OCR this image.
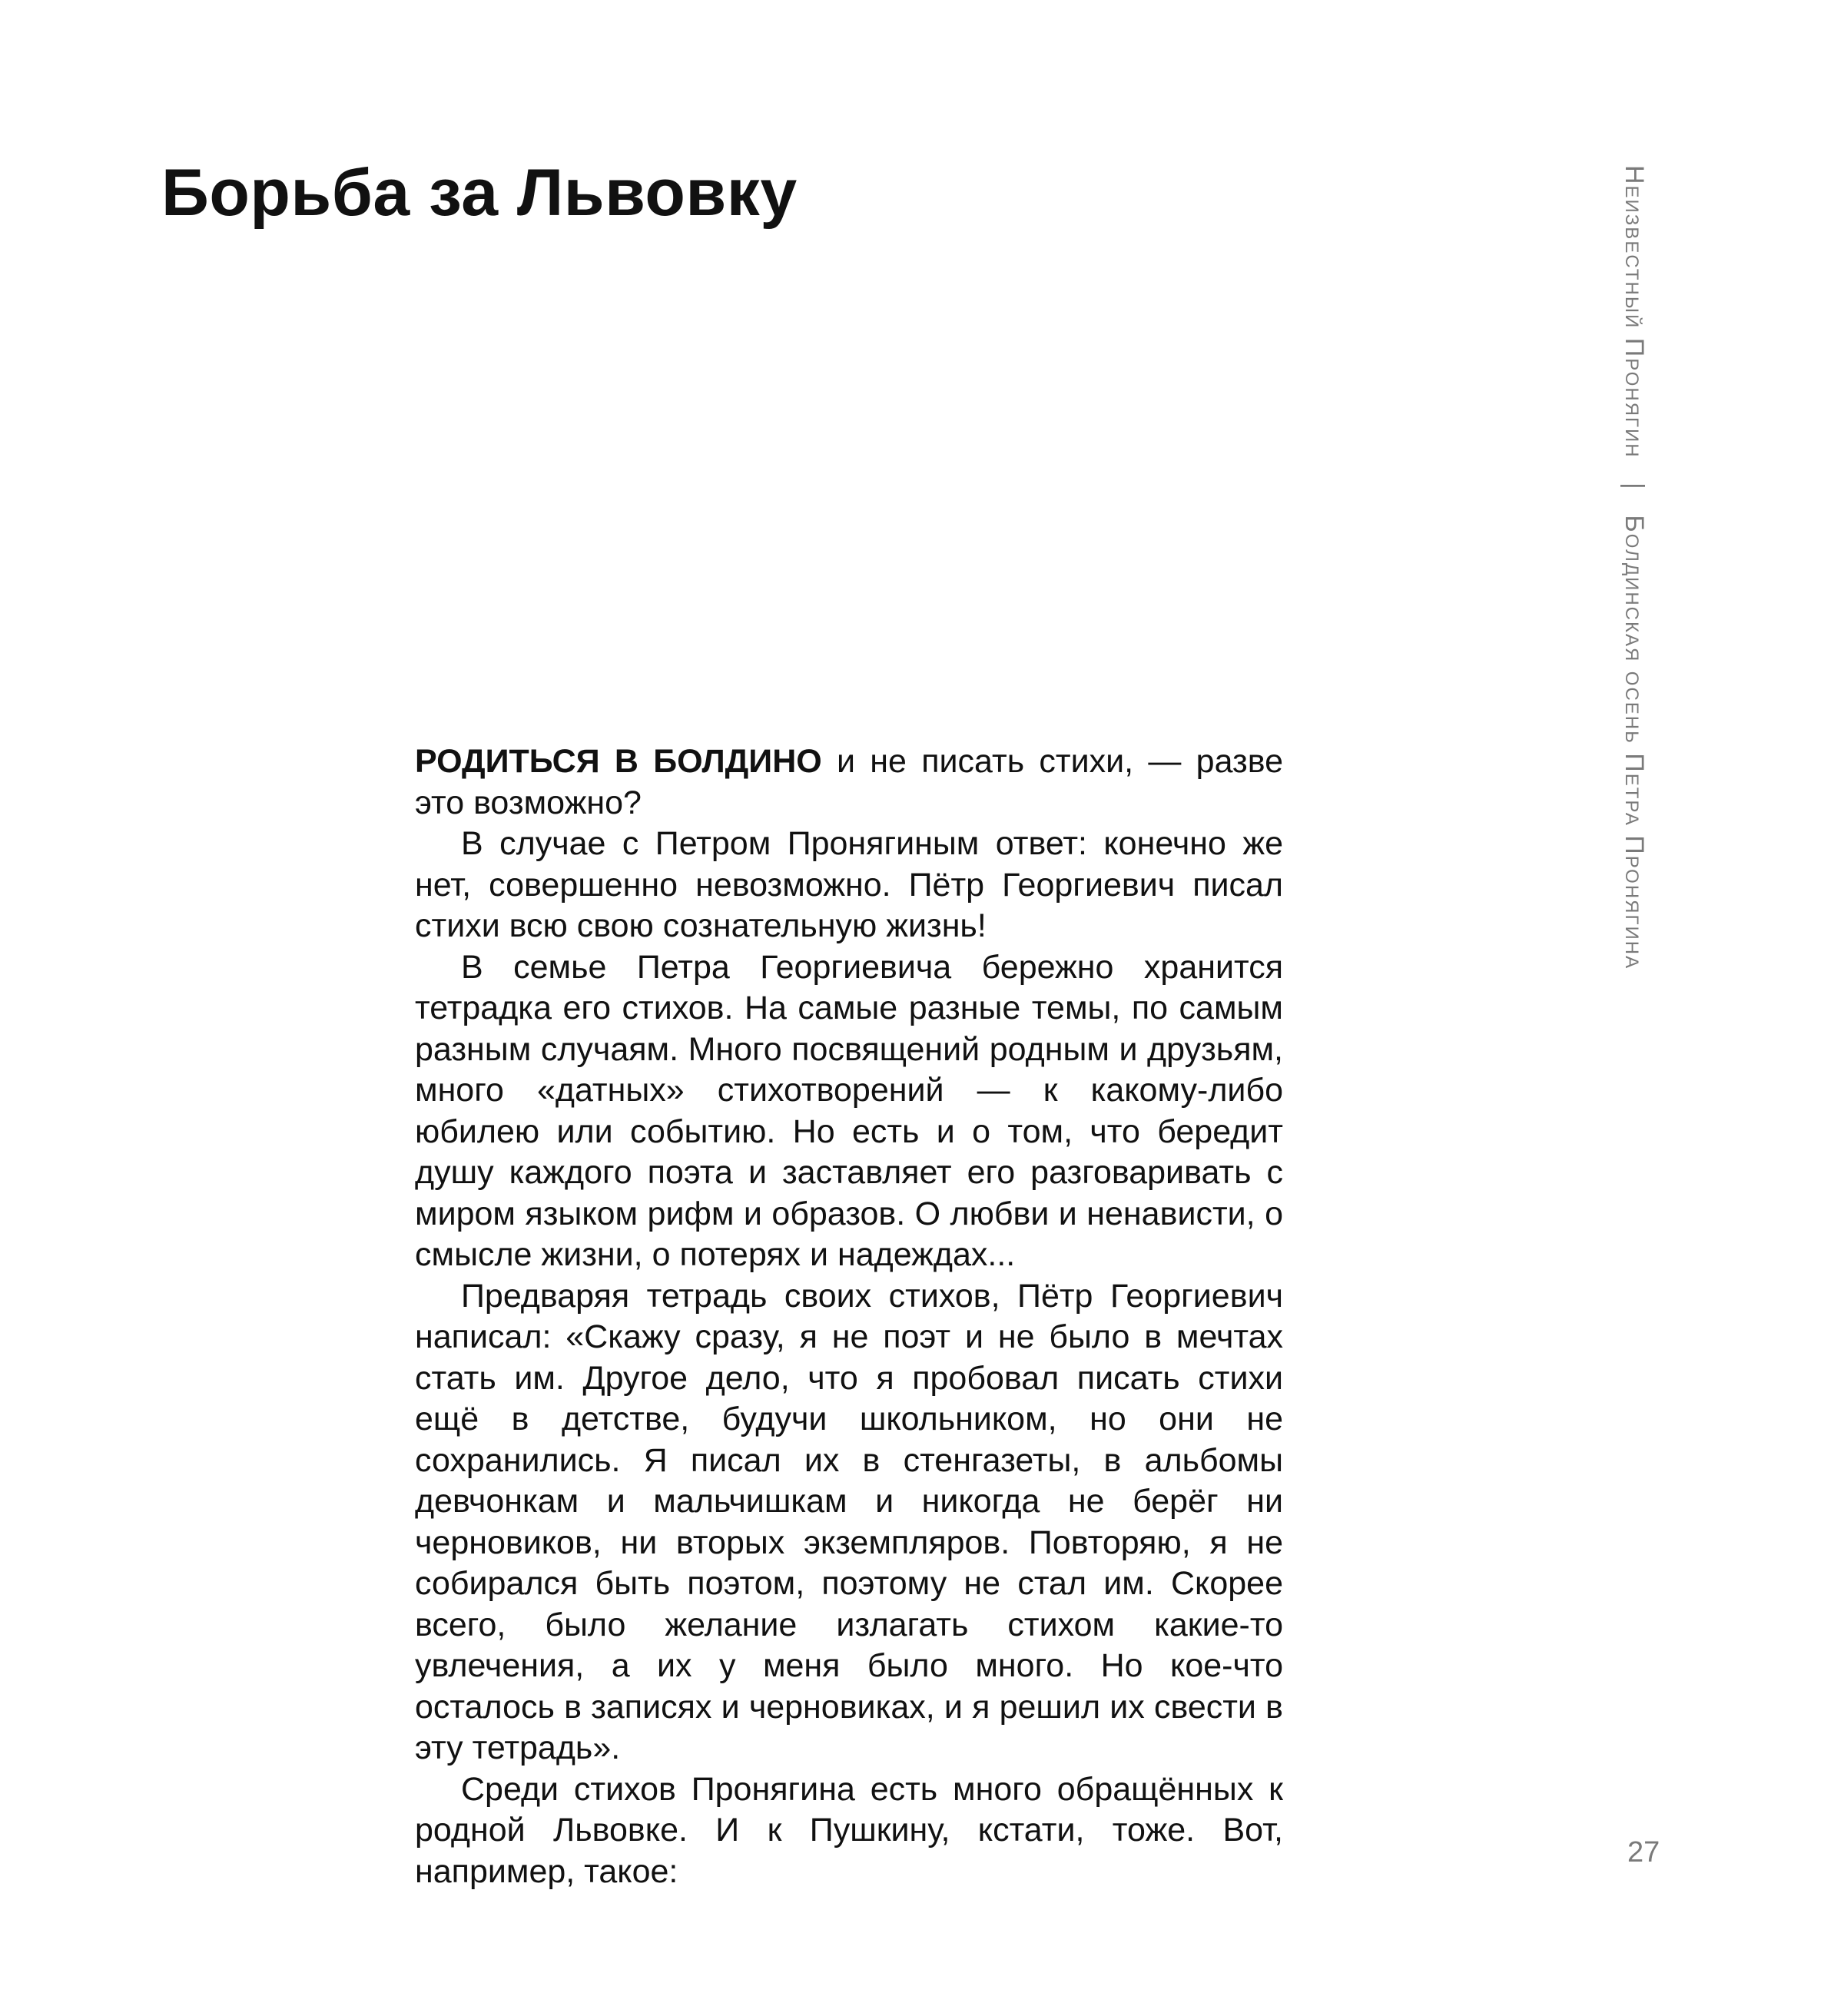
Борьба за Львовку	Неизвестный Пронягин | Болдинская осень Петра Пронягина

РОДИТЬСЯ В БОЛДИНО и не писать стихи, — разве это возможно?

В случае с Петром Пронягиным ответ: конечно же нет, совершенно невозможно. Пётр Георгиевич писал стихи всю свою сознательную жизнь!

В семье Петра Георгиевича бережно хранится тетрадка его стихов. На самые разные темы, по самым разным случаям. Много посвящений родным и друзьям, много «датных» стихотворений — к какому-либо юбилею или событию. Но есть и о том, что бередит душу каждого поэта и заставляет его разговаривать с миром языком рифм и образов. О любви и ненависти, о смысле жизни, о потерях и надеждах...

Предваряя тетрадь своих стихов, Пётр Георгиевич написал: «Скажу сразу, я не поэт и не было в мечтах стать им. Другое дело, что я пробовал писать стихи ещё в детстве, будучи школьником, но они не сохранились. Я писал их в стенгазеты, в альбомы девчонкам и мальчишкам и никогда не берёг ни черновиков, ни вторых экземпляров. Повторяю, я не собирался быть поэтом, поэтому не стал им. Скорее всего, было желание излагать стихом какие-то увлечения, а их у меня было много. Но кое-что осталось в записях и черновиках, и я решил их свести в эту тетрадь».

Среди стихов Пронягина есть много обращённых к родной Львовке. И к Пушкину, кстати, тоже. Вот, например, такое:

27
